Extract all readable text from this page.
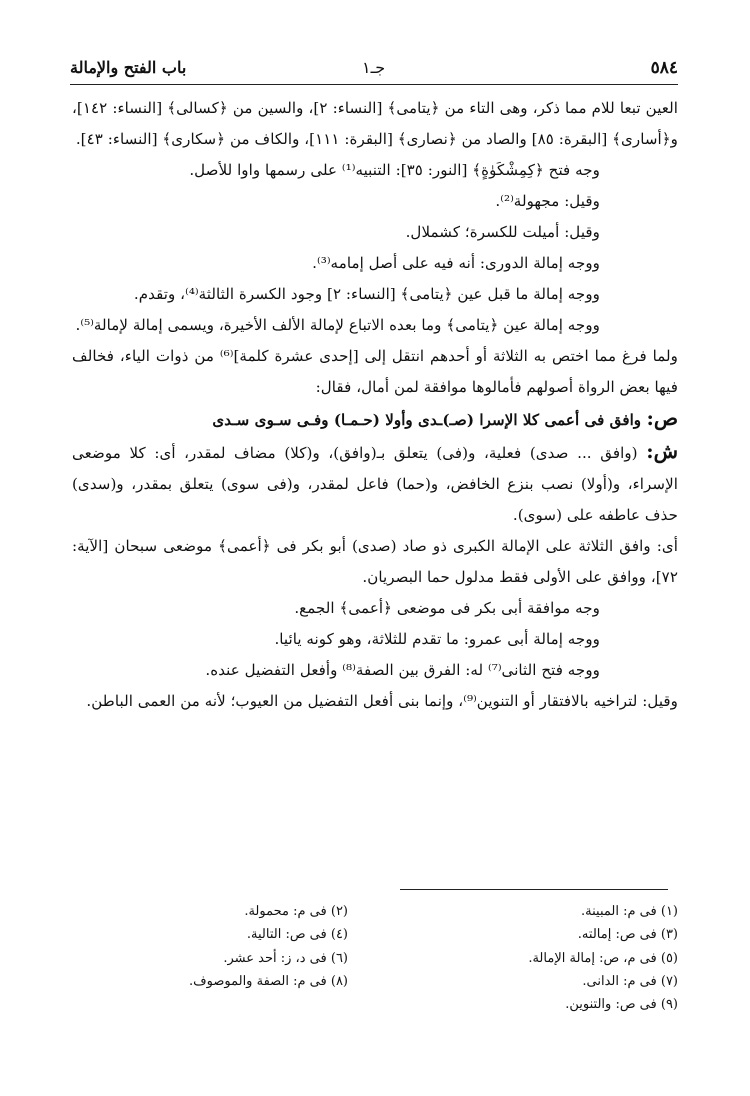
٥٨٤
جـ١
باب الفتح والإمالة

العين تبعا للام مما ذكر، وهى التاء من ﴿يتامى﴾ [النساء: ٢]، والسين من ﴿كسالى﴾ [النساء: ١٤٢]، و﴿أسارى﴾ [البقرة: ٨٥] والصاد من ﴿نصارى﴾ [البقرة: ١١١]، والكاف من ﴿سكارى﴾ [النساء: ٤٣].

وجه فتح ﴿كِمِشْكَوٰةٍ﴾ [النور: ٣٥]: التنبيه⁽¹⁾ على رسمها واوا للأصل.

وقيل: مجهولة⁽²⁾.

وقيل: أميلت للكسرة؛ كشملال.

ووجه إمالة الدورى: أنه فيه على أصل إمامه⁽³⁾.

ووجه إمالة ما قبل عين ﴿يتامى﴾ [النساء: ٢] وجود الكسرة الثالثة⁽⁴⁾، وتقدم.

ووجه إمالة عين ﴿يتامى﴾ وما بعده الاتباع لإمالة الألف الأخيرة، ويسمى إمالة لإمالة⁽⁵⁾.

ولما فرغ مما اختص به الثلاثة أو أحدهم انتقل إلى [إحدى عشرة كلمة]⁽⁶⁾ من ذوات الياء، فخالف فيها بعض الرواة أصولهم فأمالوها موافقة لمن أمال، فقال:

ص: وافق فى أعمى كلا الإسرا (صـ)ـدى وأولا (حـمـا) وفـى سـوى سـدى

ش: (وافق ... صدى) فعلية، و(فى) يتعلق بـ(وافق)، و(كلا) مضاف لمقدر، أى: كلا موضعى الإسراء، و(أولا) نصب بنزع الخافض، و(حما) فاعل لمقدر، و(فى سوى) يتعلق بمقدر، و(سدى) حذف عاطفه على (سوى).

أى: وافق الثلاثة على الإمالة الكبرى ذو صاد (صدى) أبو بكر فى ﴿أعمى﴾ موضعى سبحان [الآية: ٧٢]، ووافق على الأولى فقط مدلول حما البصريان.

وجه موافقة أبى بكر فى موضعى ﴿أعمى﴾ الجمع.

ووجه إمالة أبى عمرو: ما تقدم للثلاثة، وهو كونه يائيا.

ووجه فتح الثانى⁽⁷⁾ له: الفرق بين الصفة⁽⁸⁾ وأفعل التفضيل عنده.

وقيل: لتراخيه بالافتقار أو التنوين⁽⁹⁾، وإنما بنى أفعل التفضيل من العيوب؛ لأنه من العمى الباطن.

(١) فى م: المبينة.
(٣) فى ص: إمالته.
(٥) فى م، ص: إمالة الإمالة.
(٧) فى م: الدانى.
(٩) فى ص: والتنوين.
(٢) فى م: محمولة.
(٤) فى ص: التالية.
(٦) فى د، ز: أحد عشر.
(٨) فى م: الصفة والموصوف.
